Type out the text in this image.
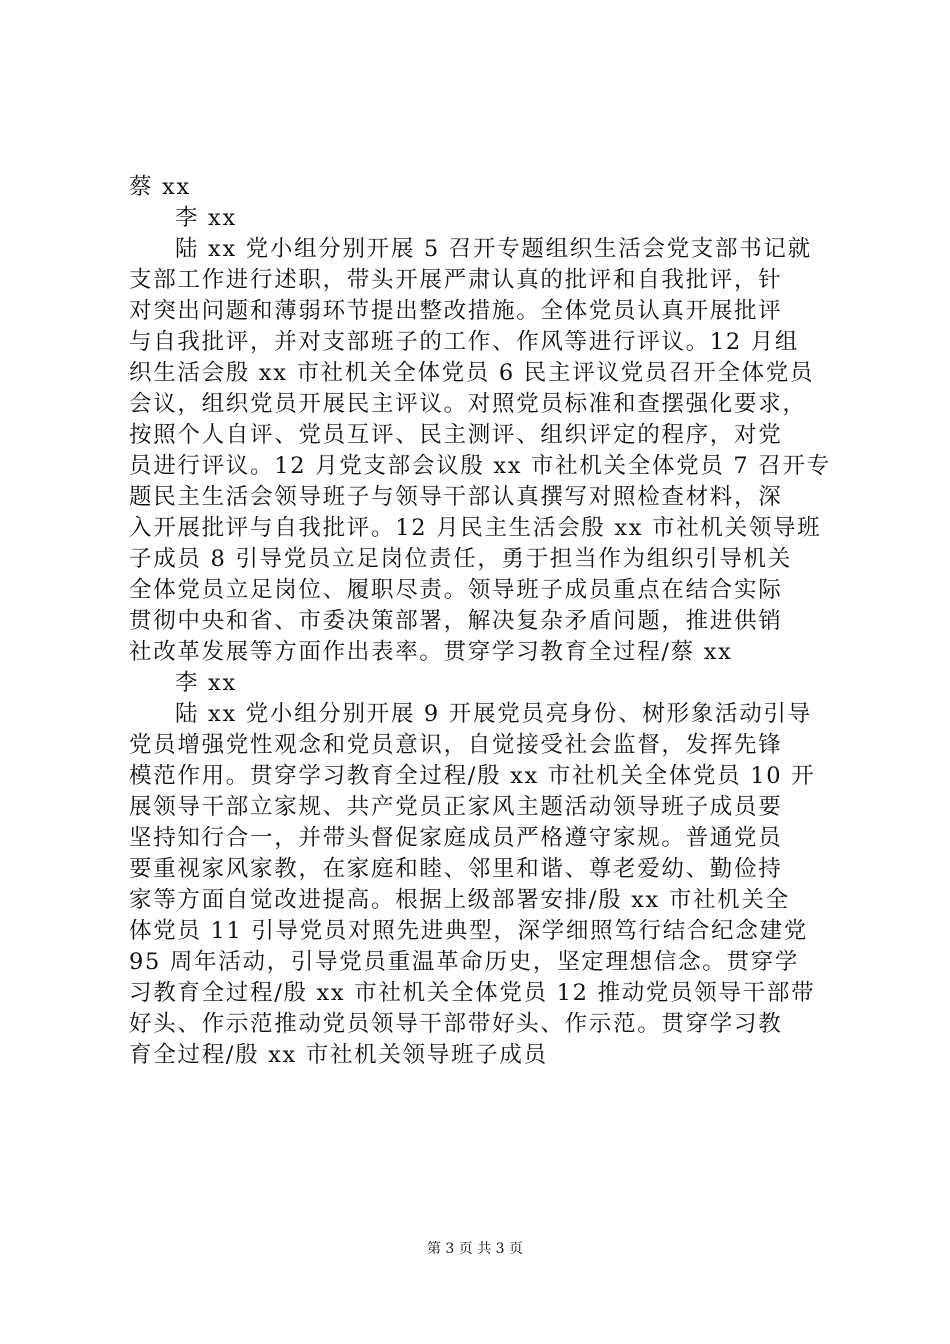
蔡 xx
李 xx
陆 xx 党小组分别开展 5 召开专题组织生活会党支部书记就
支部工作进行述职，带头开展严肃认真的批评和自我批评，针
对突出问题和薄弱环节提出整改措施。全体党员认真开展批评
与自我批评，并对支部班子的工作、作风等进行评议。12 月组
织生活会殷 xx 市社机关全体党员 6 民主评议党员召开全体党员
会议，组织党员开展民主评议。对照党员标准和查摆强化要求，
按照个人自评、党员互评、民主测评、组织评定的程序，对党
员进行评议。12 月党支部会议殷 xx 市社机关全体党员 7 召开专
题民主生活会领导班子与领导干部认真撰写对照检查材料，深
入开展批评与自我批评。12 月民主生活会殷 xx 市社机关领导班
子成员 8 引导党员立足岗位责任，勇于担当作为组织引导机关
全体党员立足岗位、履职尽责。领导班子成员重点在结合实际
贯彻中央和省、市委决策部署，解决复杂矛盾问题，推进供销
社改革发展等方面作出表率。贯穿学习教育全过程/蔡 xx
李 xx
陆 xx 党小组分别开展 9 开展党员亮身份、树形象活动引导
党员增强党性观念和党员意识，自觉接受社会监督，发挥先锋
模范作用。贯穿学习教育全过程/殷 xx 市社机关全体党员 10 开
展领导干部立家规、共产党员正家风主题活动领导班子成员要
坚持知行合一，并带头督促家庭成员严格遵守家规。普通党员
要重视家风家教，在家庭和睦、邻里和谐、尊老爱幼、勤俭持
家等方面自觉改进提高。根据上级部署安排/殷 xx 市社机关全
体党员 11 引导党员对照先进典型，深学细照笃行结合纪念建党
95 周年活动，引导党员重温革命历史，坚定理想信念。贯穿学
习教育全过程/殷 xx 市社机关全体党员 12 推动党员领导干部带
好头、作示范推动党员领导干部带好头、作示范。贯穿学习教
育全过程/殷 xx 市社机关领导班子成员
第 3 页 共 3 页
